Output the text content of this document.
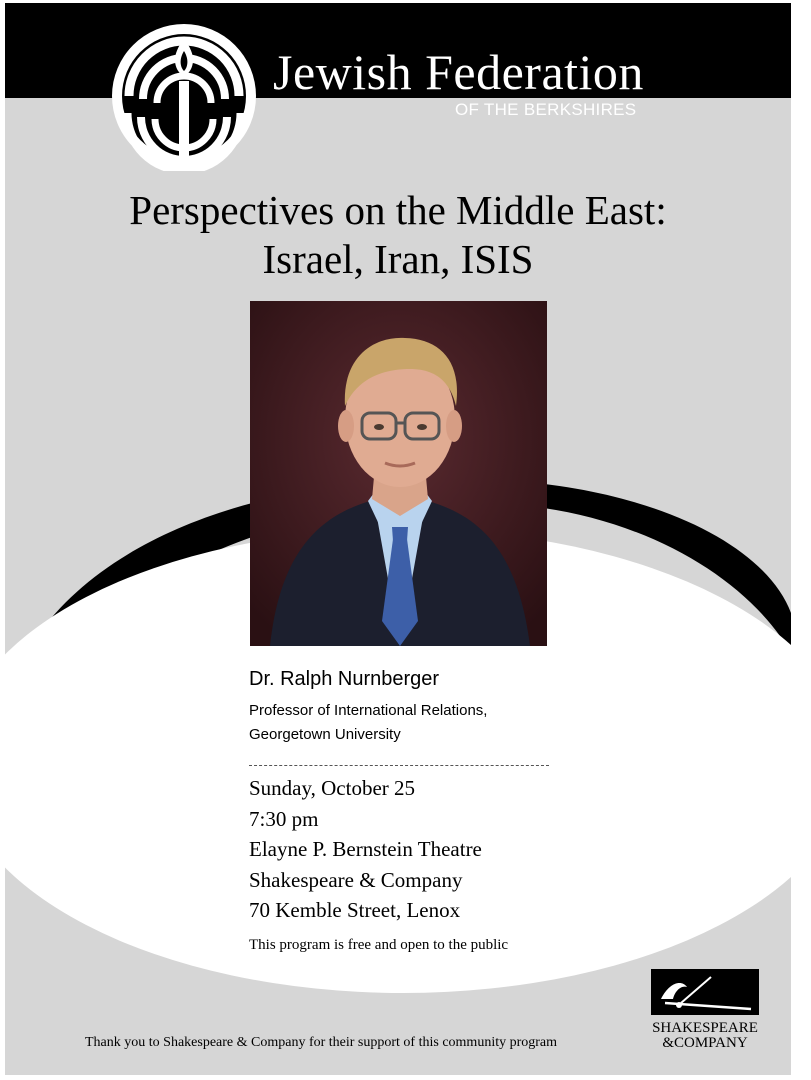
Jewish Federation
OF THE BERKSHIRES
Perspectives on the Middle East:
Israel, Iran, ISIS
Dr. Ralph Nurnberger
Professor of International Relations,
Georgetown University
Sunday, October 25
7:30 pm
Elayne P. Bernstein Theatre
Shakespeare & Company
70 Kemble Street, Lenox
This program is free and open to the public
Thank you to Shakespeare & Company for their support of this community program
SHAKESPEARE
&COMPANY
